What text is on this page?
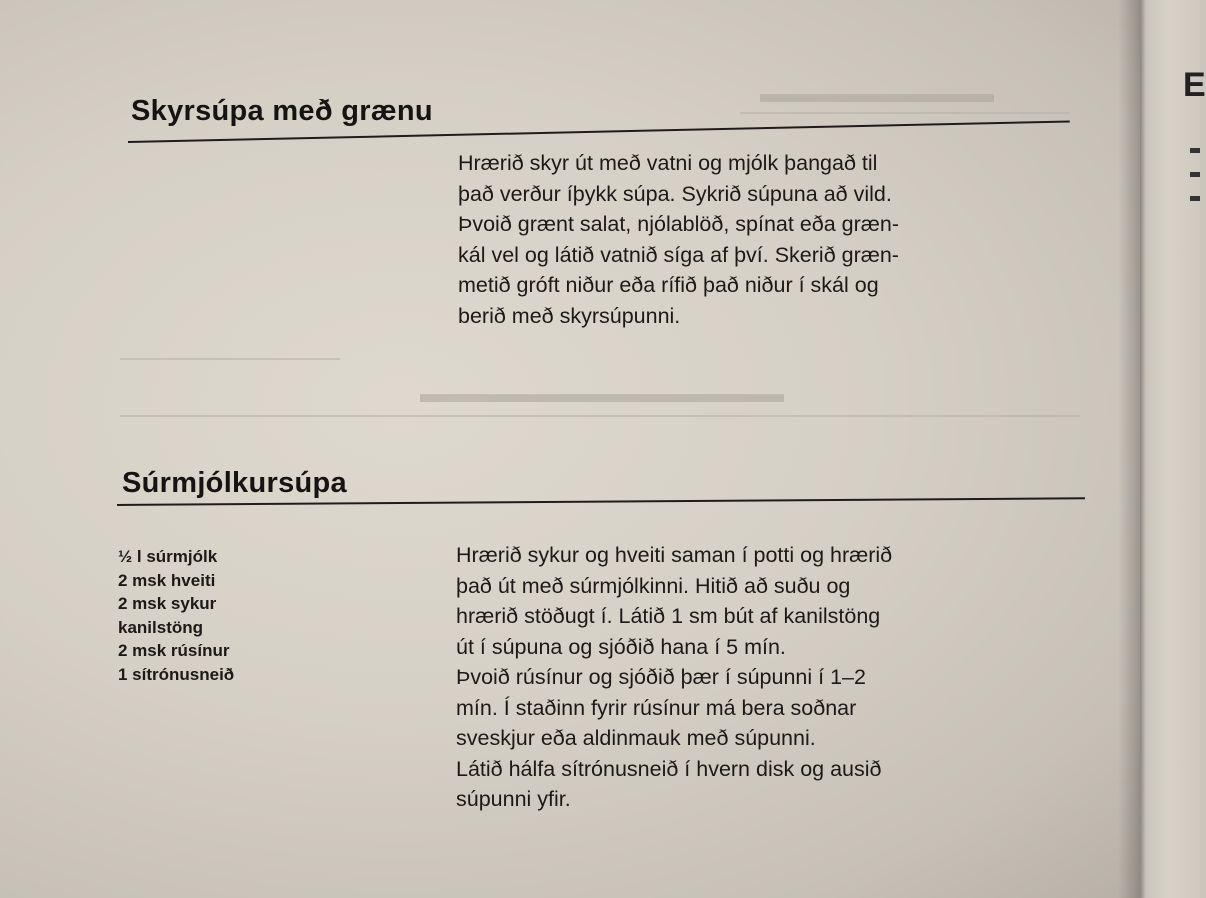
▬▬▬▬▬▬▬▬▬
▬▬▬▬▬▬▬▬▬▬▬▬▬▬
Skyrsúpa með grænu
Hrærið skyr út með vatni og mjólk þangað til
það verður íþykk súpa. Sykrið súpuna að vild.
Þvoið grænt salat, njólablöð, spínat eða græn-
kál vel og látið vatnið síga af því. Skerið græn-
metið gróft niður eða rífið það niður í skál og
berið með skyrsúpunni.
Súrmjólkursúpa
½ l súrmjólk
2 msk hveiti
2 msk sykur
kanilstöng
2 msk rúsínur
1 sítrónusneið
Hrærið sykur og hveiti saman í potti og hrærið
það út með súrmjólkinni. Hitið að suðu og
hrærið stöðugt í. Látið 1 sm bút af kanilstöng
út í súpuna og sjóðið hana í 5 mín.
Þvoið rúsínur og sjóðið þær í súpunni í 1–2
mín. Í staðinn fyrir rúsínur má bera soðnar
sveskjur eða aldinmauk með súpunni.
Látið hálfa sítrónusneið í hvern disk og ausið
súpunni yfir.
E
